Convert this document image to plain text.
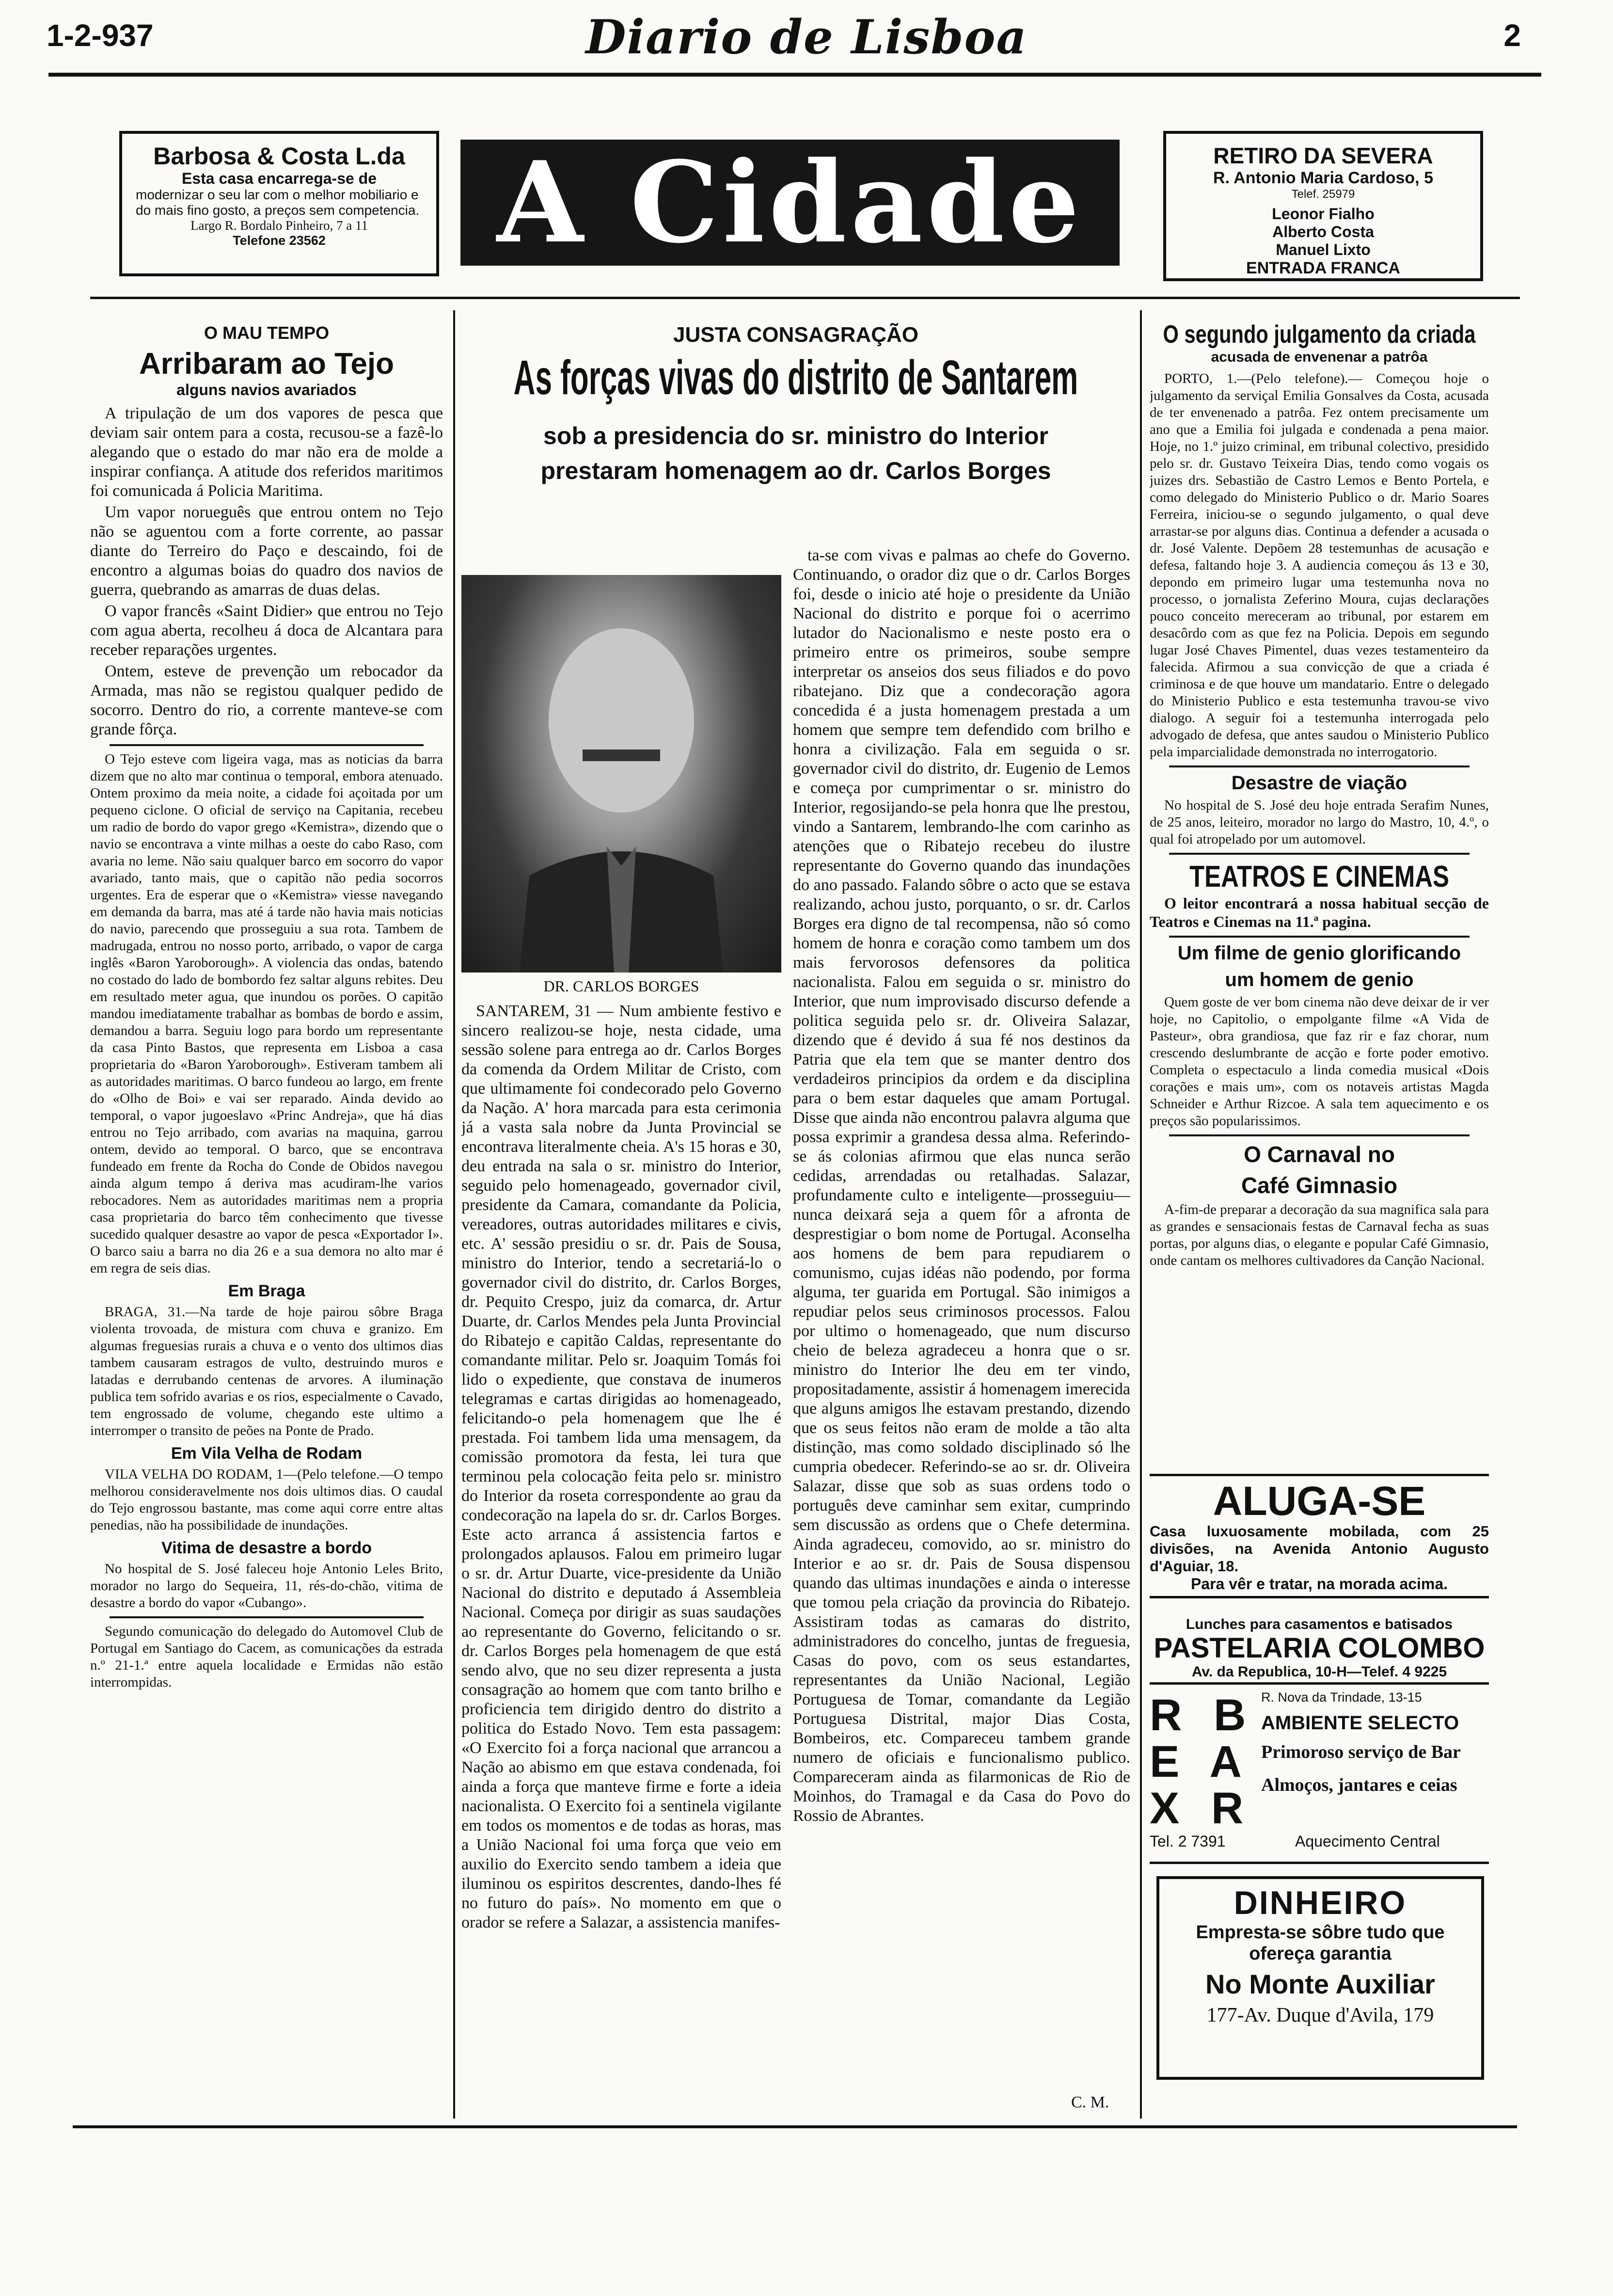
1-2-937	Diario de Lisboa	2
Barbosa & Costa L.da
Esta casa encarrega-se de
modernizar o seu lar com o melhor mobiliario e do mais fino gosto, a preços sem competencia.
Largo R. Bordalo Pinheiro, 7 a 11
Telefone 23562	A Cidade	RETIRO DA SEVERA
R. Antonio Maria Cardoso, 5
Telef. 25979
Leonor Fialho
Alberto Costa
Manuel Lixto
ENTRADA FRANCA
O MAU TEMPO
Arribaram ao Tejo
alguns navios avariados

A tripulação de um dos vapores de pesca que deviam sair ontem para a costa, recusou-se a fazê-lo alegando que o estado do mar não era de molde a inspirar confiança. A atitude dos referidos maritimos foi comunicada á Policia Maritima.

Um vapor norueguês que entrou ontem no Tejo não se aguentou com a forte corrente, ao passar diante do Terreiro do Paço e descaindo, foi de encontro a algumas boias do quadro dos navios de guerra, quebrando as amarras de duas delas.

O vapor francês «Saint Didier» que entrou no Tejo com agua aberta, recolheu á doca de Alcantara para receber reparações urgentes.

Ontem, esteve de prevenção um rebocador da Armada, mas não se registou qualquer pedido de socorro. Dentro do rio, a corrente manteve-se com grande fôrça.

O Tejo esteve com ligeira vaga, mas as noticias da barra dizem que no alto mar continua o temporal, embora atenuado. Ontem proximo da meia noite, a cidade foi açoitada por um pequeno ciclone. O oficial de serviço na Capitania, recebeu um radio de bordo do vapor grego «Kemistra», dizendo que o navio se encontrava a vinte milhas a oeste do cabo Raso, com avaria no leme. Não saiu qualquer barco em socorro do vapor avariado, tanto mais, que o capitão não pedia socorros urgentes. Era de esperar que o «Kemistra» viesse navegando em demanda da barra, mas até á tarde não havia mais noticias do navio, parecendo que prosseguiu a sua rota. Tambem de madrugada, entrou no nosso porto, arribado, o vapor de carga inglês «Baron Yaroborough». A violencia das ondas, batendo no costado do lado de bombordo fez saltar alguns rebites. Deu em resultado meter agua, que inundou os porões. O capitão mandou imediatamente trabalhar as bombas de bordo e assim, demandou a barra. Seguiu logo para bordo um representante da casa Pinto Bastos, que representa em Lisboa a casa proprietaria do «Baron Yaroborough». Estiveram tambem ali as autoridades maritimas. O barco fundeou ao largo, em frente do «Olho de Boi» e vai ser reparado. Ainda devido ao temporal, o vapor jugoeslavo «Princ Andreja», que há dias entrou no Tejo arribado, com avarias na maquina, garrou ontem, devido ao temporal. O barco, que se encontrava fundeado em frente da Rocha do Conde de Obidos navegou ainda algum tempo á deriva mas acudiram-lhe varios rebocadores. Nem as autoridades maritimas nem a propria casa proprietaria do barco têm conhecimento que tivesse sucedido qualquer desastre ao vapor de pesca «Exportador I». O barco saiu a barra no dia 26 e a sua demora no alto mar é em regra de seis dias.

Em Braga

BRAGA, 31.—Na tarde de hoje pairou sôbre Braga violenta trovoada, de mistura com chuva e granizo. Em algumas freguesias rurais a chuva e o vento dos ultimos dias tambem causaram estragos de vulto, destruindo muros e latadas e derrubando centenas de arvores. A iluminação publica tem sofrido avarias e os rios, especialmente o Cavado, tem engrossado de volume, chegando este ultimo a interromper o transito de peões na Ponte de Prado.

Em Vila Velha de Rodam

VILA VELHA DO RODAM, 1—(Pelo telefone.—O tempo melhorou consideravelmente nos dois ultimos dias. O caudal do Tejo engrossou bastante, mas come aqui corre entre altas penedias, não ha possibilidade de inundações.

Vitima de desastre a bordo

No hospital de S. José faleceu hoje Antonio Leles Brito, morador no largo do Sequeira, 11, rés-do-chão, vitima de desastre a bordo do vapor «Cubango».

Segundo comunicação do delegado do Automovel Club de Portugal em Santiago do Cacem, as comunicações da estrada n.º 21-1.ª entre aquela localidade e Ermidas não estão interrompidas.

JUSTA CONSAGRAÇÃO
As forças vivas do distrito de Santarem
sob a presidencia do sr. ministro do Interior
prestaram homenagem ao dr. Carlos Borges
DR. CARLOS BORGES

SANTAREM, 31 — Num ambiente festivo e sincero realizou-se hoje, nesta cidade, uma sessão solene para entrega ao dr. Carlos Borges da comenda da Ordem Militar de Cristo, com que ultimamente foi condecorado pelo Governo da Nação. A' hora marcada para esta cerimonia já a vasta sala nobre da Junta Provincial se encontrava literalmente cheia. A's 15 horas e 30, deu entrada na sala o sr. ministro do Interior, seguido pelo homenageado, governador civil, presidente da Camara, comandante da Policia, vereadores, outras autoridades militares e civis, etc. A' sessão presidiu o sr. dr. Pais de Sousa, ministro do Interior, tendo a secretariá-lo o governador civil do distrito, dr. Carlos Borges, dr. Pequito Crespo, juiz da comarca, dr. Artur Duarte, dr. Carlos Mendes pela Junta Provincial do Ribatejo e capitão Caldas, representante do comandante militar. Pelo sr. Joaquim Tomás foi lido o expediente, que constava de inumeros telegramas e cartas dirigidas ao homenageado, felicitando-o pela homenagem que lhe é prestada. Foi tambem lida uma mensagem, da comissão promotora da festa, lei tura que terminou pela colocação feita pelo sr. ministro do Interior da roseta correspondente ao grau da condecoração na lapela do sr. dr. Carlos Borges. Este acto arranca á assistencia fartos e prolongados aplausos. Falou em primeiro lugar o sr. dr. Artur Duarte, vice-presidente da União Nacional do distrito e deputado á Assembleia Nacional. Começa por dirigir as suas saudações ao representante do Governo, felicitando o sr. dr. Carlos Borges pela homenagem de que está sendo alvo, que no seu dizer representa a justa consagração ao homem que com tanto brilho e proficiencia tem dirigido dentro do distrito a politica do Estado Novo. Tem esta passagem: «O Exercito foi a força nacional que arrancou a Nação ao abismo em que estava condenada, foi ainda a força que manteve firme e forte a ideia nacionalista. O Exercito foi a sentinela vigilante em todos os momentos e de todas as horas, mas a União Nacional foi uma força que veio em auxilio do Exercito sendo tambem a ideia que iluminou os espiritos descrentes, dando-lhes fé no futuro do país». No momento em que o orador se refere a Salazar, a assistencia manifes-

ta-se com vivas e palmas ao chefe do Governo. Continuando, o orador diz que o dr. Carlos Borges foi, desde o inicio até hoje o presidente da União Nacional do distrito e porque foi o acerrimo lutador do Nacionalismo e neste posto era o primeiro entre os primeiros, soube sempre interpretar os anseios dos seus filiados e do povo ribatejano. Diz que a condecoração agora concedida é a justa homenagem prestada a um homem que sempre tem defendido com brilho e honra a civilização. Fala em seguida o sr. governador civil do distrito, dr. Eugenio de Lemos e começa por cumprimentar o sr. ministro do Interior, regosijando-se pela honra que lhe prestou, vindo a Santarem, lembrando-lhe com carinho as atenções que o Ribatejo recebeu do ilustre representante do Governo quando das inundações do ano passado. Falando sôbre o acto que se estava realizando, achou justo, porquanto, o sr. dr. Carlos Borges era digno de tal recompensa, não só como homem de honra e coração como tambem um dos mais fervorosos defensores da politica nacionalista. Falou em seguida o sr. ministro do Interior, que num improvisado discurso defende a politica seguida pelo sr. dr. Oliveira Salazar, dizendo que é devido á sua fé nos destinos da Patria que ela tem que se manter dentro dos verdadeiros principios da ordem e da disciplina para o bem estar daqueles que amam Portugal. Disse que ainda não encontrou palavra alguma que possa exprimir a grandesa dessa alma. Referindo-se ás colonias afirmou que elas nunca serão cedidas, arrendadas ou retalhadas. Salazar, profundamente culto e inteligente—prosseguiu—nunca deixará seja a quem fôr a afronta de desprestigiar o bom nome de Portugal. Aconselha aos homens de bem para repudiarem o comunismo, cujas idéas não podendo, por forma alguma, ter guarida em Portugal. São inimigos a repudiar pelos seus criminosos processos. Falou por ultimo o homenageado, que num discurso cheio de beleza agradeceu a honra que o sr. ministro do Interior lhe deu em ter vindo, propositadamente, assistir á homenagem imerecida que alguns amigos lhe estavam prestando, dizendo que os seus feitos não eram de molde a tão alta distinção, mas como soldado disciplinado só lhe cumpria obedecer. Referindo-se ao sr. dr. Oliveira Salazar, disse que sob as suas ordens todo o português deve caminhar sem exitar, cumprindo sem discussão as ordens que o Chefe determina. Ainda agradeceu, comovido, ao sr. ministro do Interior e ao sr. dr. Pais de Sousa dispensou quando das ultimas inundações e ainda o interesse que tomou pela criação da provincia do Ribatejo. Assistiram todas as camaras do distrito, administradores do concelho, juntas de freguesia, Casas do povo, com os seus estandartes, representantes da União Nacional, Legião Portuguesa de Tomar, comandante da Legião Portuguesa Distrital, major Dias Costa, Bombeiros, etc. Compareceu tambem grande numero de oficiais e funcionalismo publico. Compareceram ainda as filarmonicas de Rio de Moinhos, do Tramagal e da Casa do Povo do Rossio de Abrantes.

C. M.
O segundo julgamento da criada
acusada de envenenar a patrôa

PORTO, 1.—(Pelo telefone).— Começou hoje o julgamento da serviçal Emilia Gonsalves da Costa, acusada de ter envenenado a patrôa. Fez ontem precisamente um ano que a Emilia foi julgada e condenada a pena maior. Hoje, no 1.º juizo criminal, em tribunal colectivo, presidido pelo sr. dr. Gustavo Teixeira Dias, tendo como vogais os juizes drs. Sebastião de Castro Lemos e Bento Portela, e como delegado do Ministerio Publico o dr. Mario Soares Ferreira, iniciou-se o segundo julgamento, o qual deve arrastar-se por alguns dias. Continua a defender a acusada o dr. José Valente. Depõem 28 testemunhas de acusação e defesa, faltando hoje 3. A audiencia começou ás 13 e 30, depondo em primeiro lugar uma testemunha nova no processo, o jornalista Zeferino Moura, cujas declarações pouco conceito mereceram ao tribunal, por estarem em desacôrdo com as que fez na Policia. Depois em segundo lugar José Chaves Pimentel, duas vezes testamenteiro da falecida. Afirmou a sua convicção de que a criada é criminosa e de que houve um mandatario. Entre o delegado do Ministerio Publico e esta testemunha travou-se vivo dialogo. A seguir foi a testemunha interrogada pelo advogado de defesa, que antes saudou o Ministerio Publico pela imparcialidade demonstrada no interrogatorio.

Desastre de viação

No hospital de S. José deu hoje entrada Serafim Nunes, de 25 anos, leiteiro, morador no largo do Mastro, 10, 4.º, o qual foi atropelado por um automovel.

TEATROS E CINEMAS

O leitor encontrará a nossa habitual secção de Teatros e Cinemas na 11.ª pagina.

Um filme de genio glorificando
um homem de genio

Quem goste de ver bom cinema não deve deixar de ir ver hoje, no Capitolio, o empolgante filme «A Vida de Pasteur», obra grandiosa, que faz rir e faz chorar, num crescendo deslumbrante de acção e forte poder emotivo. Completa o espectaculo a linda comedia musical «Dois corações e mais um», com os notaveis artistas Magda Schneider e Arthur Rizcoe. A sala tem aquecimento e os preços são popularissimos.

O Carnaval no
Café Gimnasio

A-fim-de preparar a decoração da sua magnifica sala para as grandes e sensacionais festas de Carnaval fecha as suas portas, por alguns dias, o elegante e popular Café Gimnasio, onde cantam os melhores cultivadores da Canção Nacional.

ALUGA-SE
Casa luxuosamente mobilada, com 25 divisões, na Avenida Antonio Augusto d'Aguiar, 18.
Para vêr e tratar, na morada acima.
Lunches para casamentos e batisados
PASTELARIA COLOMBO
Av. da Republica, 10-H—Telef. 4 9225
R B E A X R
R. Nova da Trindade, 13-15
AMBIENTE SELECTO
Primoroso serviço de Bar
Almoços, jantares e ceias
Tel. 2 7391	Aquecimento Central
DINHEIRO
Empresta-se sôbre tudo que ofereça garantia
No Monte Auxiliar
177-Av. Duque d'Avila, 179
